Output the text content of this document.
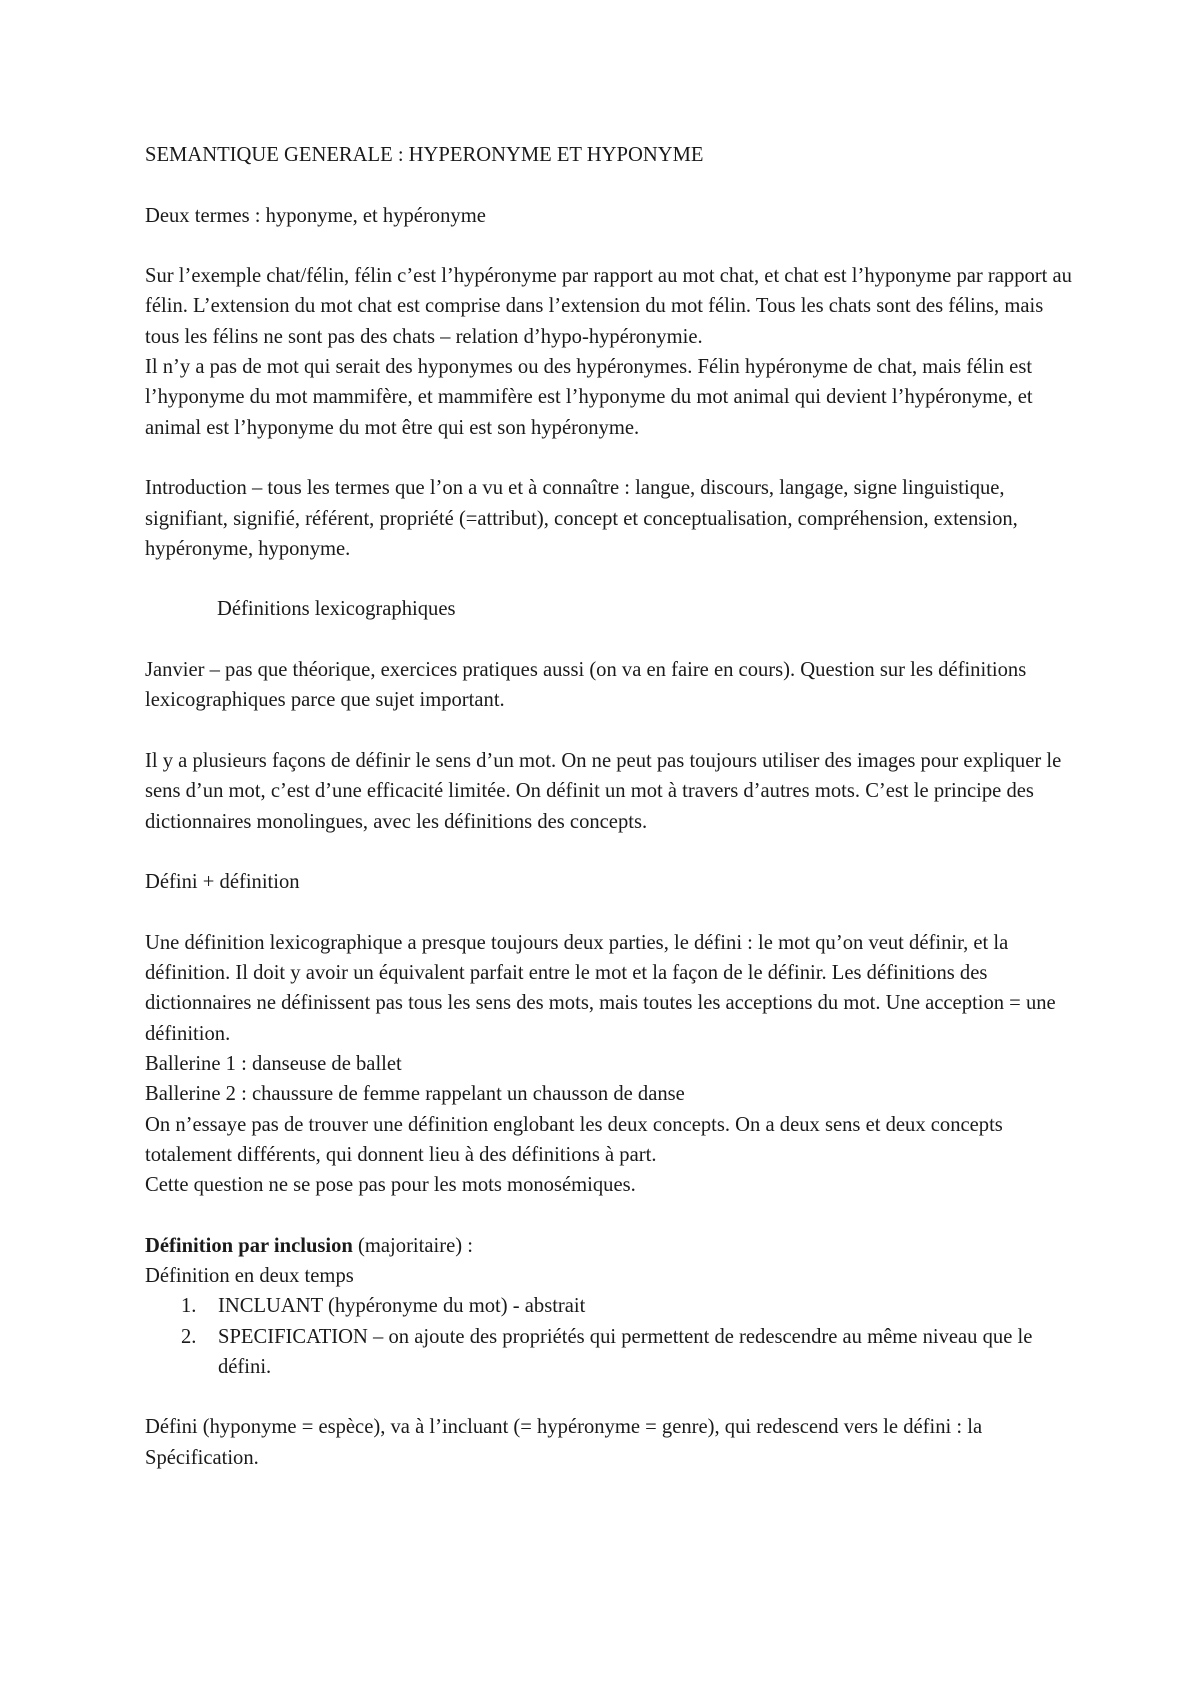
SEMANTIQUE GENERALE : HYPERONYME ET HYPONYME

Deux termes : hyponyme, et hypéronyme

Sur l’exemple chat/félin, félin c’est l’hypéronyme par rapport au mot chat, et chat est l’hyponyme par rapport au félin. L’extension du mot chat est comprise dans l’extension du mot félin. Tous les chats sont des félins, mais tous les félins ne sont pas des chats – relation d’hypo-hypéronymie.

Il n’y a pas de mot qui serait des hyponymes ou des hypéronymes. Félin hypéronyme de chat, mais félin est l’hyponyme du mot mammifère, et mammifère est l’hyponyme du mot animal qui devient l’hypéronyme, et animal est l’hyponyme du mot être qui est son hypéronyme.

Introduction – tous les termes que l’on a vu et à connaître : langue, discours, langage, signe linguistique, signifiant, signifié, référent, propriété (=attribut), concept et conceptualisation, compréhension, extension, hypéronyme, hyponyme.

Définitions lexicographiques

Janvier – pas que théorique, exercices pratiques aussi (on va en faire en cours). Question sur les définitions lexicographiques parce que sujet important.

Il y a plusieurs façons de définir le sens d’un mot. On ne peut pas toujours utiliser des images pour expliquer le sens d’un mot, c’est d’une efficacité limitée. On définit un mot à travers d’autres mots. C’est le principe des dictionnaires monolingues, avec les définitions des concepts.

Défini + définition

Une définition lexicographique a presque toujours deux parties, le défini : le mot qu’on veut définir, et la définition. Il doit y avoir un équivalent parfait entre le mot et la façon de le définir. Les définitions des dictionnaires ne définissent pas tous les sens des mots, mais toutes les acceptions du mot. Une acception = une définition.

Ballerine 1 : danseuse de ballet

Ballerine 2 : chaussure de femme rappelant un chausson de danse

On n’essaye pas de trouver une définition englobant les deux concepts. On a deux sens et deux concepts totalement différents, qui donnent lieu à des définitions à part.

Cette question ne se pose pas pour les mots monosémiques.

Définition par inclusion (majoritaire) :

Définition en deux temps

1. INCLUANT (hypéronyme du mot) - abstrait
2. SPECIFICATION – on ajoute des propriétés qui permettent de redescendre au même niveau que le défini.

Défini (hyponyme = espèce), va à l’incluant (= hypéronyme = genre), qui redescend vers le défini : la Spécification.
